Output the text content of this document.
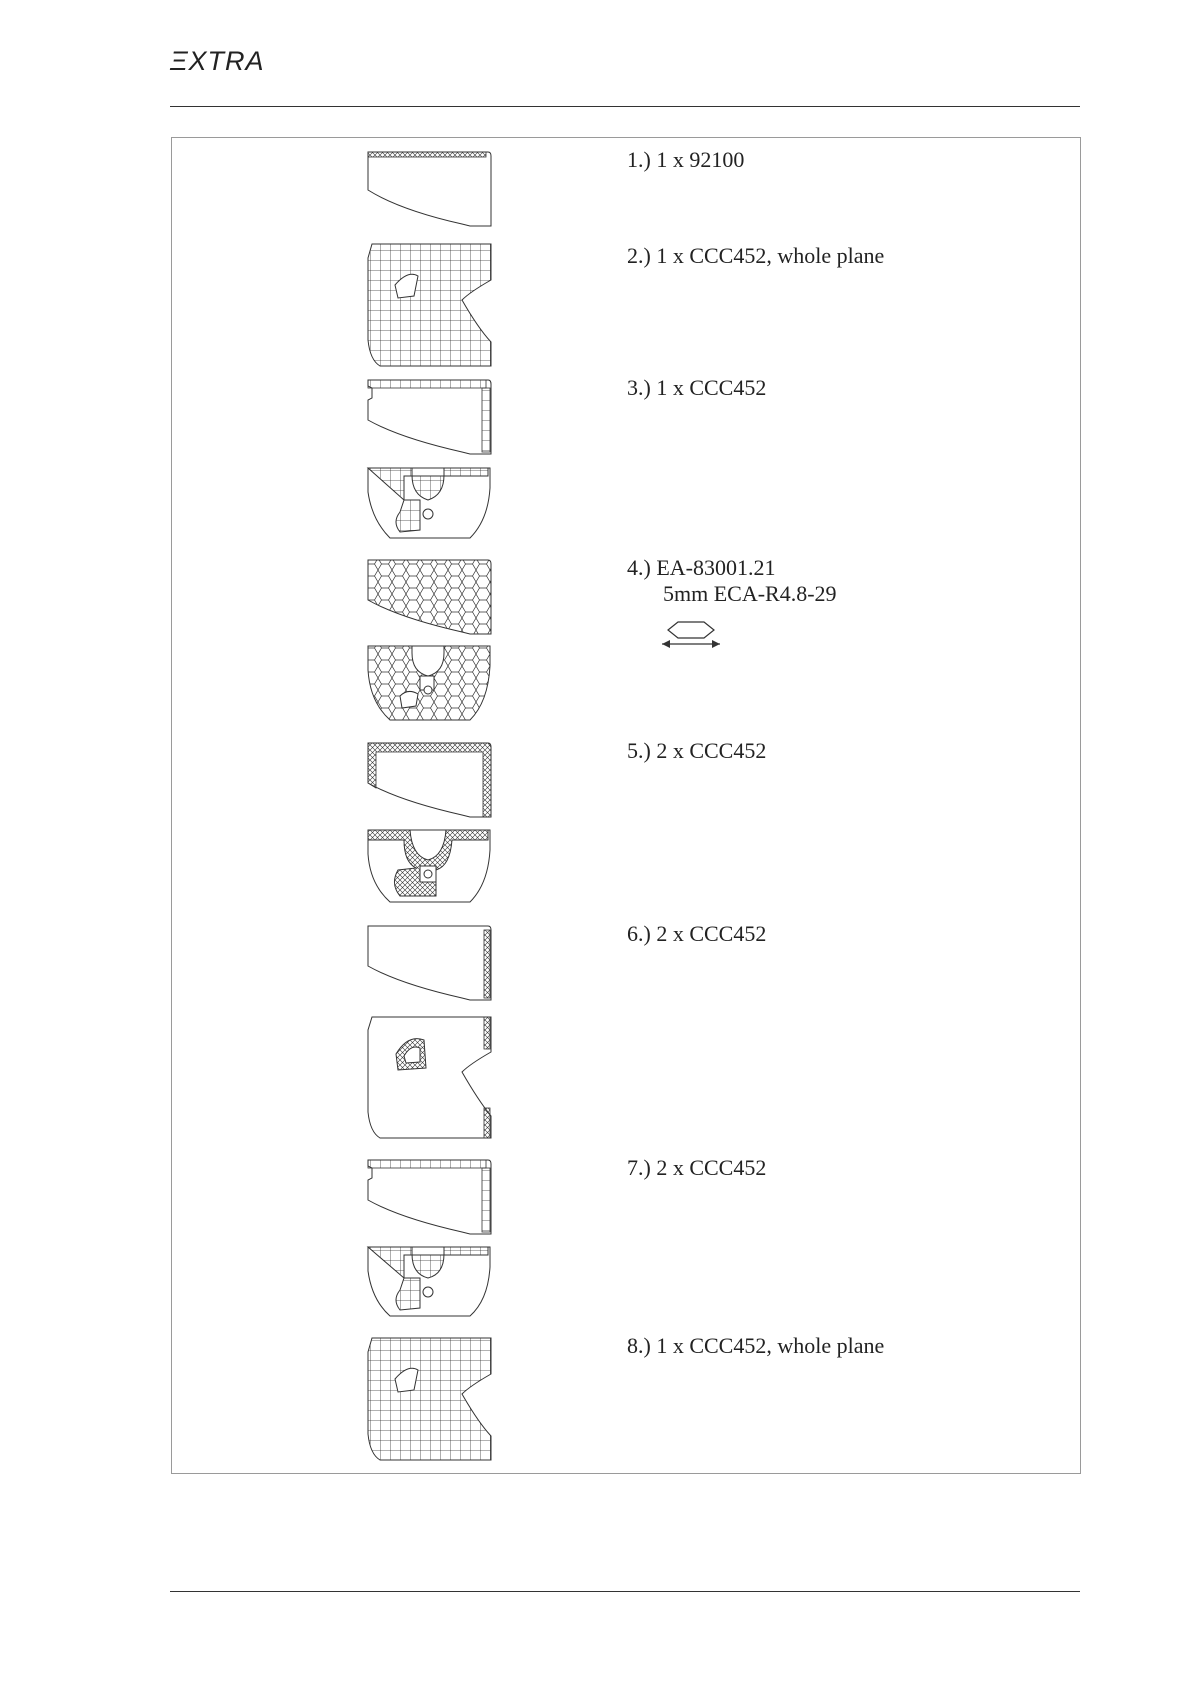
ΞXTRA
1.) 1 x 92100
2.) 1 x CCC452, whole plane
3.) 1 x CCC452
4.) EA-83001.21
5mm ECA-R4.8-29
5.) 2 x CCC452
6.) 2 x CCC452
7.) 2 x CCC452
8.) 1 x CCC452, whole plane
